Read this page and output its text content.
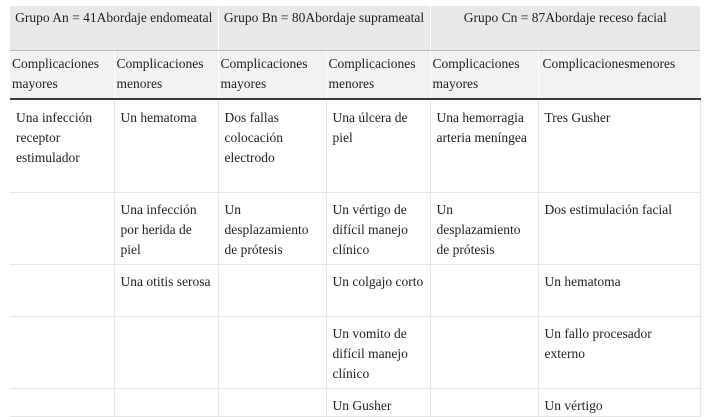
Grupo An = 41Abordaje endomeatal		Grupo Bn = 80Abordaje suprameatal		Grupo Cn = 87Abordaje receso facial	
Complicaciones mayores	Complicaciones menores	Complicaciones mayores	Complicaciones menores	Complicaciones mayores	Complicacionesmenores
Una infección receptor estimulador	Un hematoma	Dos fallas colocación electrodo	Una úlcera de piel	Una hemorragia arteria meníngea	Tres Gusher
	Una infección por herida de piel	Un desplazamiento de prótesis	Un vértigo de difícil manejo clínico	Un desplazamiento de prótesis	Dos estimulación facial
	Una otitis serosa		Un colgajo corto		Un hematoma
			Un vomito de difícil manejo clínico		Un fallo procesador externo
			Un Gusher		Un vértigo
